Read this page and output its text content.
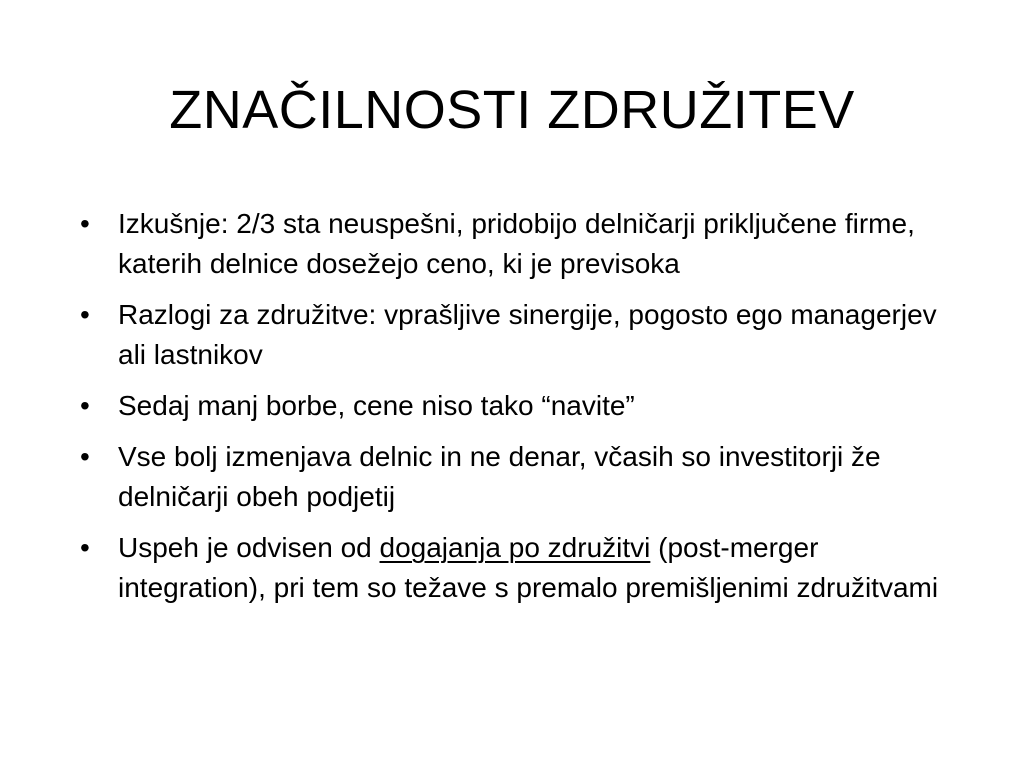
ZNAČILNOSTI ZDRUŽITEV
•	Izkušnje: 2/3 sta neuspešni, pridobijo delničarji priključene firme, katerih delnice dosežejo ceno, ki je previsoka
•	Razlogi za združitve: vprašljive sinergije, pogosto ego managerjev ali lastnikov
•	Sedaj manj borbe, cene niso tako “navite”
•	Vse bolj izmenjava delnic in ne denar, včasih so investitorji že delničarji obeh podjetij
•	Uspeh je odvisen od dogajanja po združitvi (post-merger integration), pri tem so težave s premalo premišljenimi združitvami
